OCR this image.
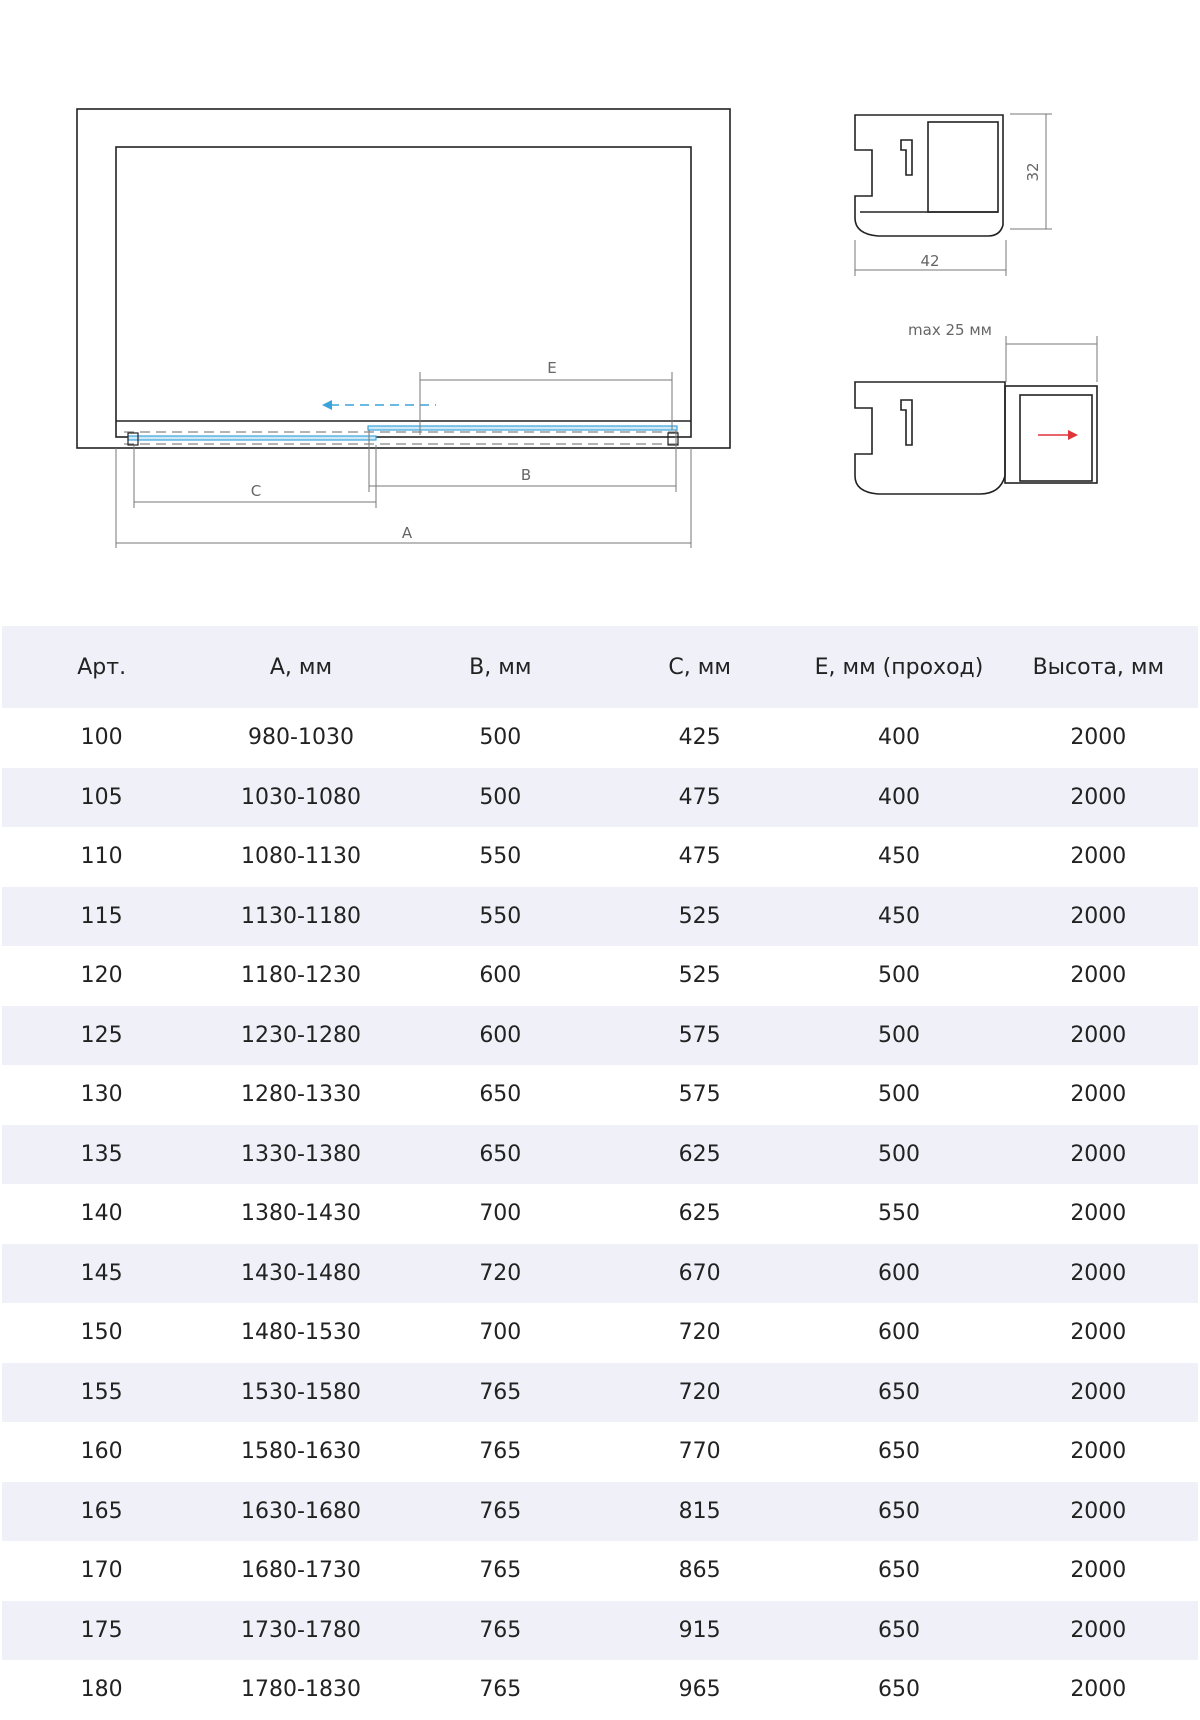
E
B
C
A
42
32
max 25 мм
Арт.	A, мм	B, мм	C, мм	E, мм (проход)	Высота, мм
100	980-1030	500	425	400	2000
105	1030-1080	500	475	400	2000
110	1080-1130	550	475	450	2000
115	1130-1180	550	525	450	2000
120	1180-1230	600	525	500	2000
125	1230-1280	600	575	500	2000
130	1280-1330	650	575	500	2000
135	1330-1380	650	625	500	2000
140	1380-1430	700	625	550	2000
145	1430-1480	720	670	600	2000
150	1480-1530	700	720	600	2000
155	1530-1580	765	720	650	2000
160	1580-1630	765	770	650	2000
165	1630-1680	765	815	650	2000
170	1680-1730	765	865	650	2000
175	1730-1780	765	915	650	2000
180	1780-1830	765	965	650	2000
